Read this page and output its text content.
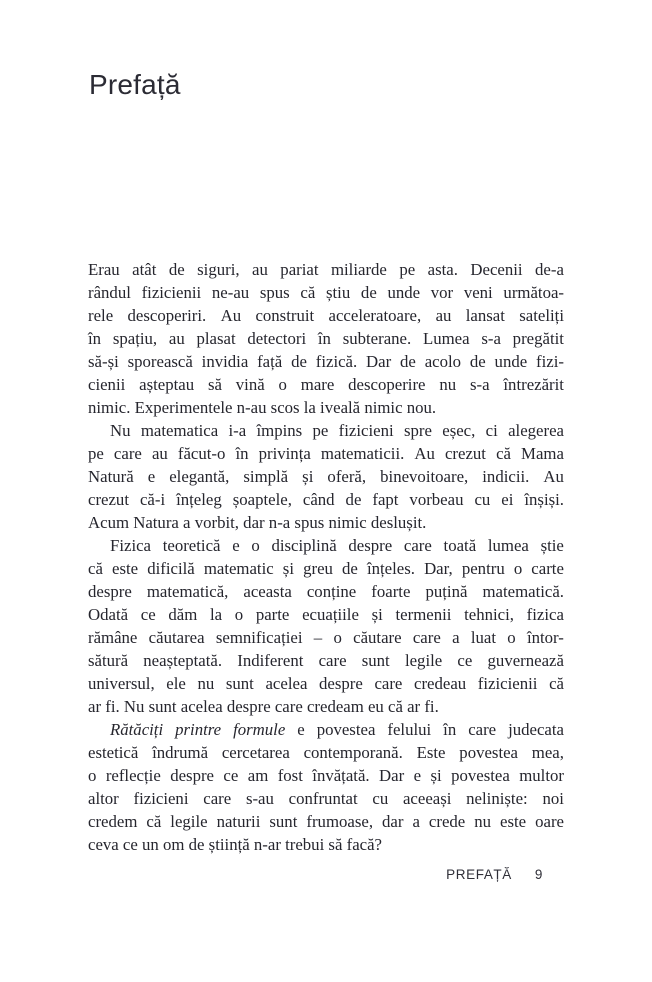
Prefață
Erau atât de siguri, au pariat miliarde pe asta. Decenii de-a
rândul fizicienii ne-au spus că știu de unde vor veni următoa-
rele descoperiri. Au construit acceleratoare, au lansat sateliți
în spațiu, au plasat detectori în subterane. Lumea s-a pregătit
să-și sporească invidia față de fizică. Dar de acolo de unde fizi-
cienii așteptau să vină o mare descoperire nu s-a întrezărit
nimic. Experimentele n-au scos la iveală nimic nou.
Nu matematica i-a împins pe fizicieni spre eșec, ci alegerea
pe care au făcut-o în privința matematicii. Au crezut că Mama
Natură e elegantă, simplă și oferă, binevoitoare, indicii. Au
crezut că-i înțeleg șoaptele, când de fapt vorbeau cu ei înșiși.
Acum Natura a vorbit, dar n-a spus nimic deslușit.
Fizica teoretică e o disciplină despre care toată lumea știe
că este dificilă matematic și greu de înțeles. Dar, pentru o carte
despre matematică, aceasta conține foarte puțină matematică.
Odată ce dăm la o parte ecuațiile și termenii tehnici, fizica
rămâne căutarea semnificației – o căutare care a luat o întor-
sătură neașteptată. Indiferent care sunt legile ce guvernează
universul, ele nu sunt acelea despre care credeau fizicienii că
ar fi. Nu sunt acelea despre care credeam eu că ar fi.
Rătăciți printre formule e povestea felului în care judecata
estetică îndrumă cercetarea contemporană. Este povestea mea,
o reflecție despre ce am fost învățată. Dar e și povestea multor
altor fizicieni care s-au confruntat cu aceeași neliniște: noi
credem că legile naturii sunt frumoase, dar a crede nu este oare
ceva ce un om de știință n-ar trebui să facă?
PREFAȚĂ 9
